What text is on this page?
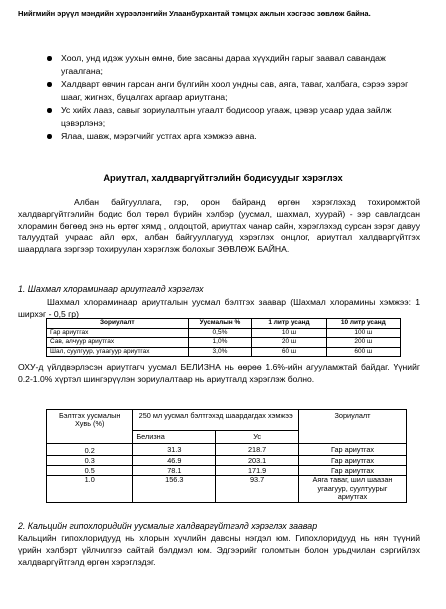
Нийгмийн эрүүл мэндийн хүрээлэнгийн Улаанбурхантай тэмцэх ажлын хэсгээс зөвлөж байна.
Хоол, унд идэж уухын өмнө, бие засаны дараа хүүхдийн гарыг заавал савандаж угаалгана;
Халдварт өвчин гарсан анги бүлгийн хоол ундны сав, аяга, таваг, халбага, сэрээ зэрэг шааг, жигнэх, буцалгах аргаар ариутгана;
Ус хийх лааз, савыг зориулалтын угаалт бодисоор угааж, цэвэр усаар удаа зайлж цэвэрлэнэ;
Ялаа, шавж, мэрэгчийг устгах арга хэмжээ авна.
Ариутгал, халдваргүйтгэлийн бодисуудыг хэрэглэх
Албан байгууллага, гэр, орон байранд өргөн хэрэглэхэд тохиромжтой халдваргүйтгэлийн бодис бол төрөл бүрийн хэлбэр (уусмал, шахмал, хуурай) - ээр савлагдсан хлорамин бөгөөд энэ нь өртөг хямд , олдоцтой, ариутгах чанар сайн, хэрэглэхэд сурсан зэрэг давуу талуудтай учраас айл өрх, албан байгууллагууд хэрэглэх онцлог, ариутгал халдваргүйтгэх шаардлага зэргээр тохируулан хэрэглэж болохыг ЗӨВЛӨЖ БАЙНА.
1. Шахмал хлораминаар ариутгалд хэрэглэх
Шахмал хлораминаар ариутгалын уусмал бэлтгэх заавар (Шахмал хлорамины хэмжээ: 1 ширхэг - 0,5 гр)
Зориулалт	Уусмалын %	1 литр усанд	10 литр усанд
Гар ариутгах	0,5%	10 ш	100 ш
Сав, алчуур ариутгах	1,0%	20 ш	200 ш
Шал, суулгуур, угаагуур ариутгах	3,0%	60 ш	600 ш
ОХУ-д үйлдвэрлэсэн ариутгагч уусмал БЕЛИЗНА нь өөрөө 1.6%-ийн агууламжтай байдаг. Үүнийг 0.2-1.0% хүртэл шингэрүүлэн зориулалтаар нь ариутгалд хэрэглэж болно.
Бэлтгэх уусмалын Хувь (%)	250 мл уусмал бэлтгэхэд шаардагдах хэмжээ		Зориулалт
	Белизна	Ус	
0.2	31.3	218.7	Гар ариутгах
0.3	46.9	203.1	Гар ариутгах
0.5	78.1	171.9	Гар ариутгах
1.0	156.3	93.7	Аяга таваг, шил шаазан угаагуур, суултуурыг ариутгах
2. Кальцийн гипохлоридийн уусмалыг халдваргүйтгэлд хэрэглэх заавар
Кальцийн гипохлоридууд нь хлорын хүчлийн давсны нэгдэл юм. Гипохлоридууд нь нян түүний үрийн хэлбэрт үйлчилгээ сайтай бэлдмэл юм. Эдгээрийг голомтын болон урьдчилан сэргийлэх халдваргүйтгэлд өргөн хэрэглэдэг.
